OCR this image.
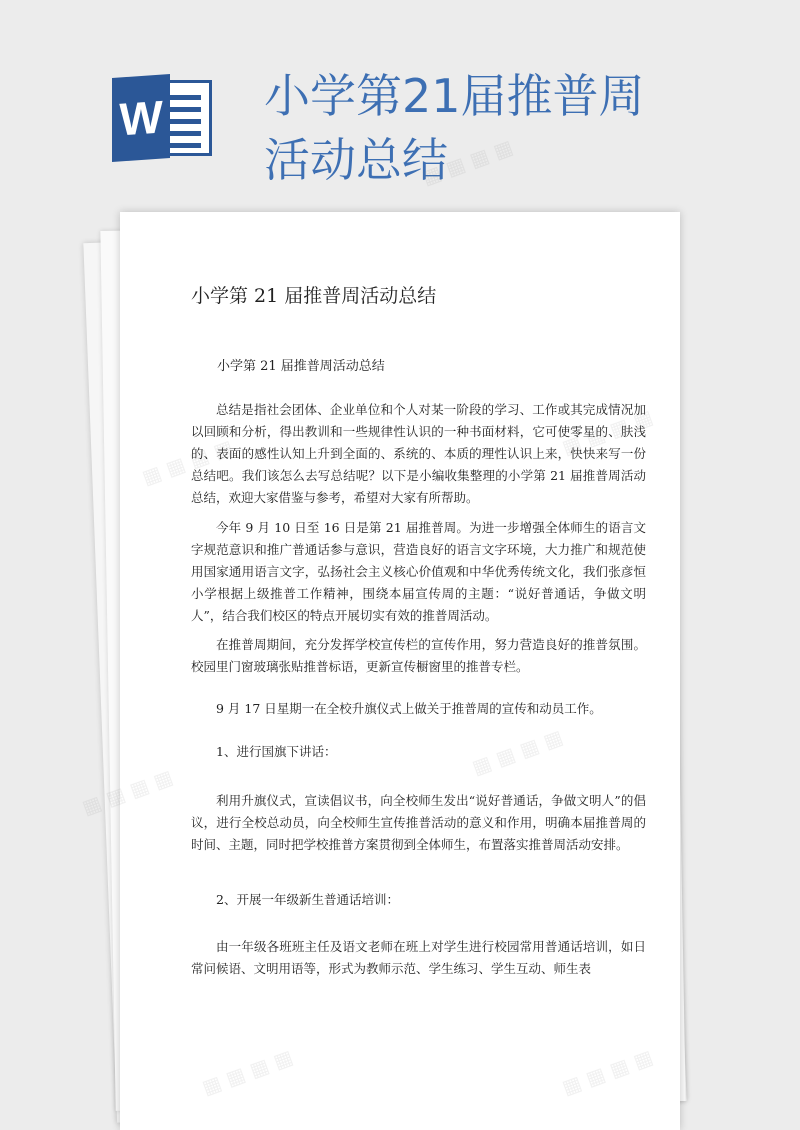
W 小学第21届推普周活动总结
小学第 21 届推普周活动总结
小学第 21 届推普周活动总结

总结是指社会团体、企业单位和个人对某一阶段的学习、工作或其完成情况加以回顾和分析，得出教训和一些规律性认识的一种书面材料，它可使零星的、肤浅的、表面的感性认知上升到全面的、系统的、本质的理性认识上来，快快来写一份总结吧。我们该怎么去写总结呢？以下是小编收集整理的小学第 21 届推普周活动总结，欢迎大家借鉴与参考，希望对大家有所帮助。

今年 9 月 10 日至 16 日是第 21 届推普周。为进一步增强全体师生的语言文字规范意识和推广普通话参与意识，营造良好的语言文字环境，大力推广和规范使用国家通用语言文字，弘扬社会主义核心价值观和中华优秀传统文化，我们张彦恒小学根据上级推普工作精神，围绕本届宣传周的主题：“说好普通话，争做文明人”，结合我们校区的特点开展切实有效的推普周活动。

在推普周期间，充分发挥学校宣传栏的宣传作用，努力营造良好的推普氛围。校园里门窗玻璃张贴推普标语，更新宣传橱窗里的推普专栏。

9 月 17 日星期一在全校升旗仪式上做关于推普周的宣传和动员工作。

1、进行国旗下讲话：

利用升旗仪式，宣读倡议书，向全校师生发出“说好普通话，争做文明人”的倡议，进行全校总动员，向全校师生宣传推普活动的意义和作用，明确本届推普周的时间、主题，同时把学校推普方案贯彻到全体师生，布置落实推普周活动安排。

2、开展一年级新生普通话培训：

由一年级各班班主任及语文老师在班上对学生进行校园常用普通话培训，如日常问候语、文明用语等，形式为教师示范、学生练习、学生互动、师生表

▦ ▦ ▦ ▦
▦
